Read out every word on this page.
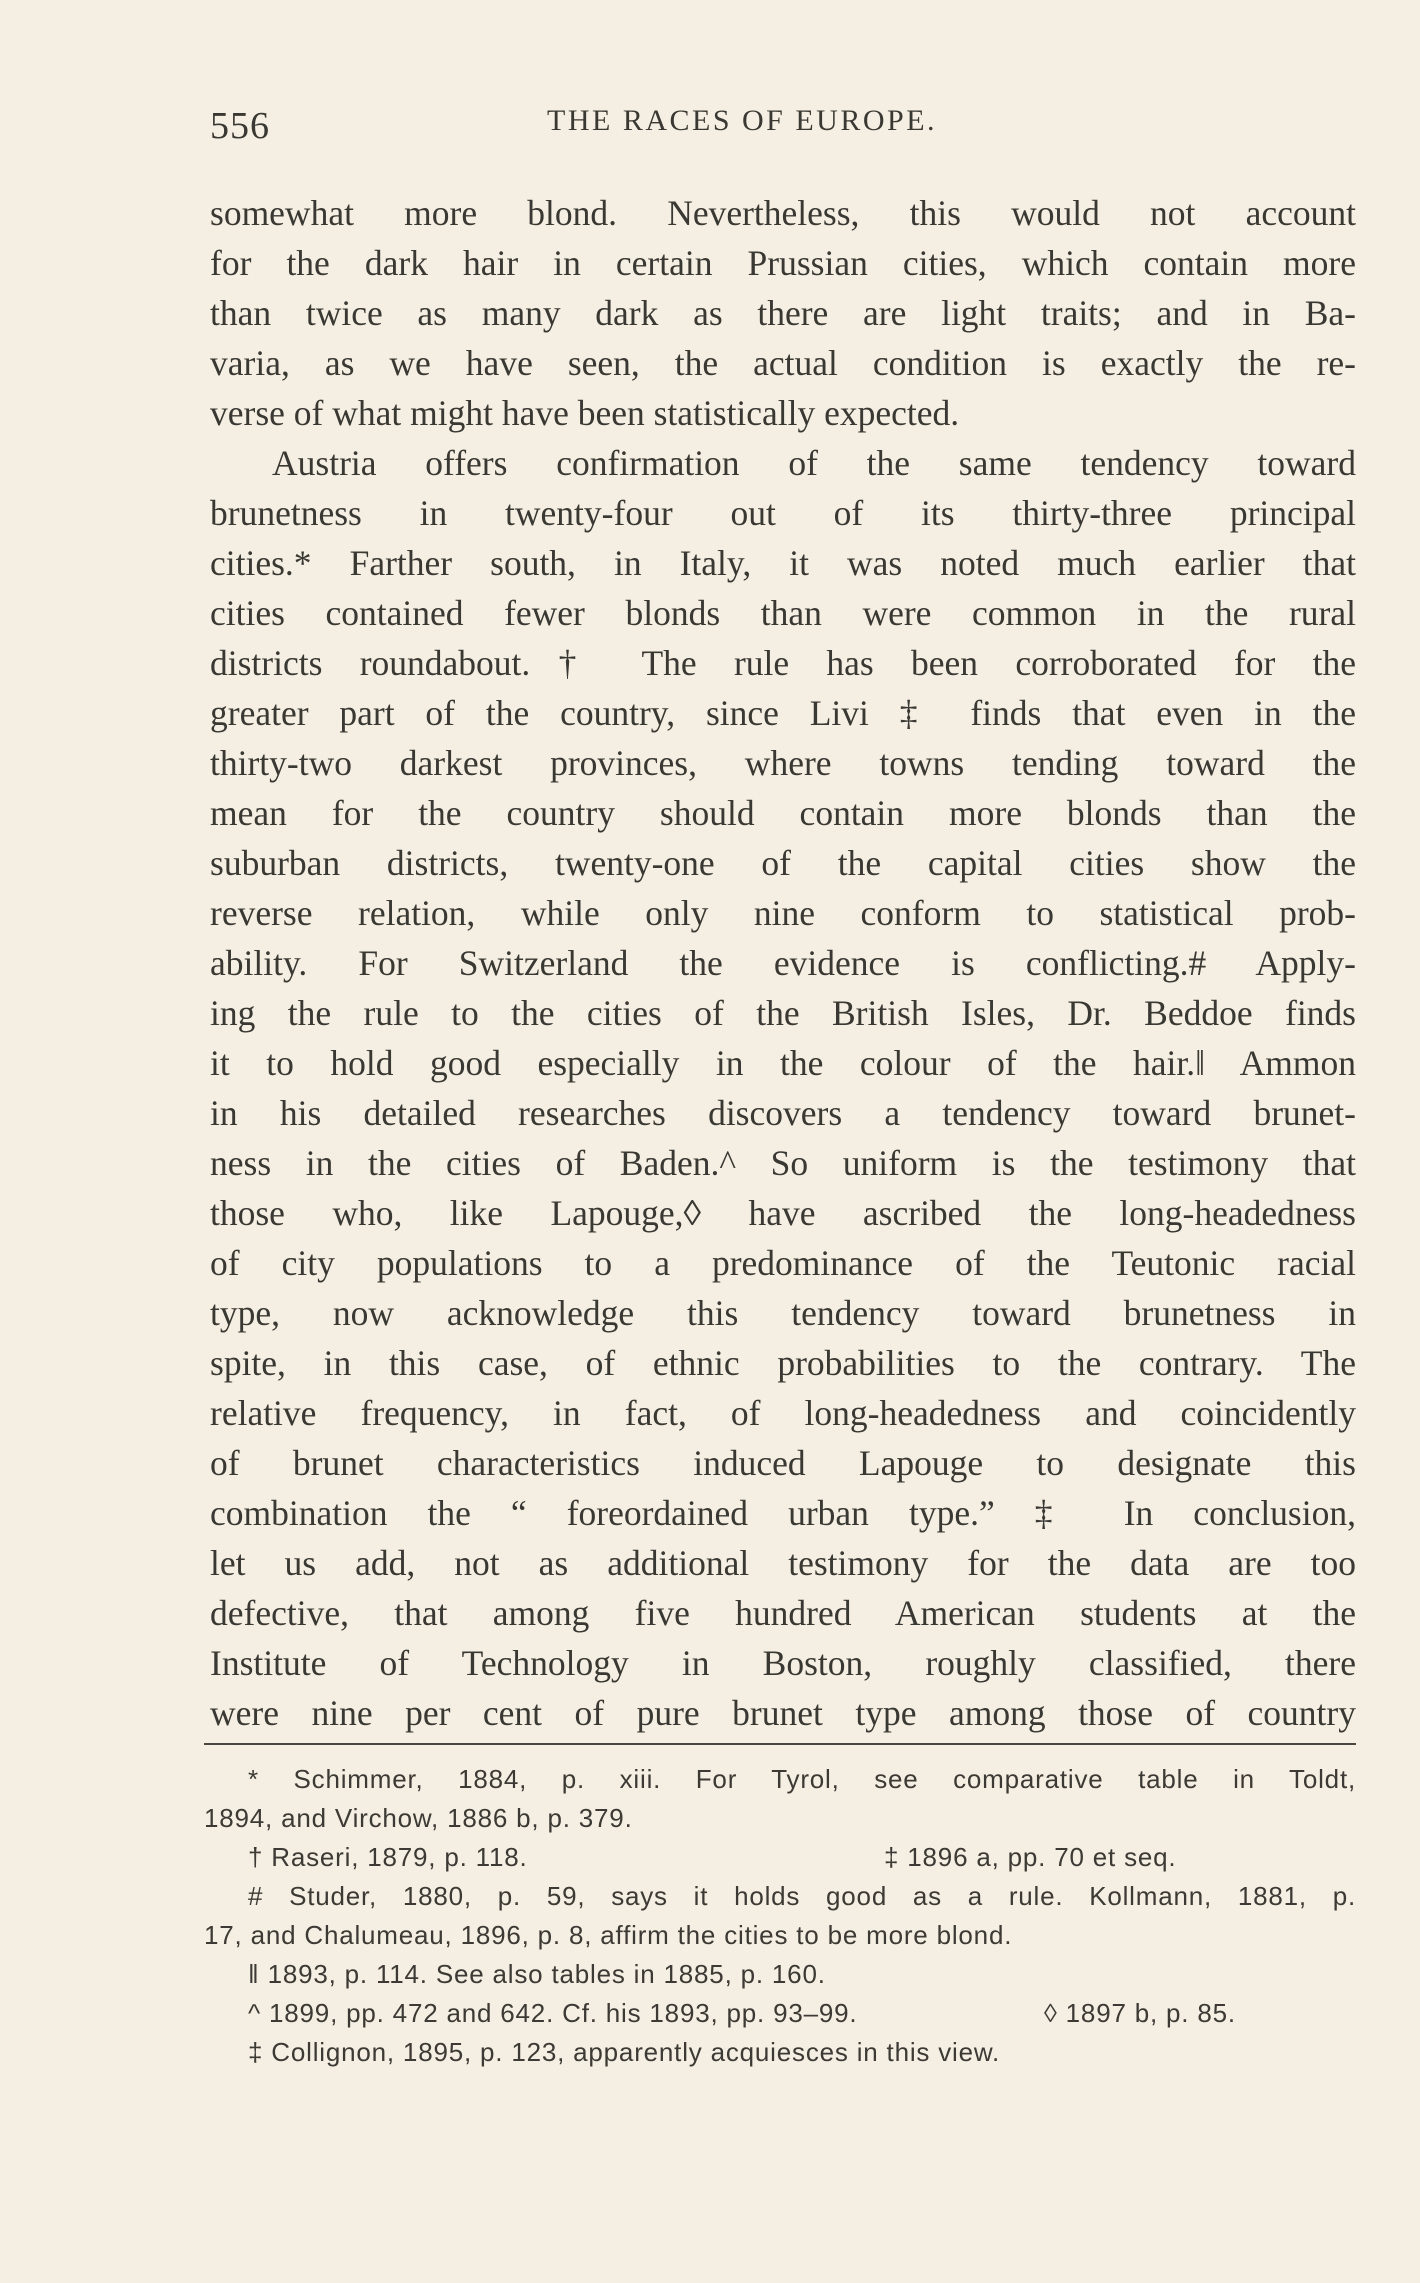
556	THE RACES OF EUROPE.
somewhat more blond. Nevertheless, this would not account
for the dark hair in certain Prussian cities, which contain more
than twice as many dark as there are light traits; and in Ba-
varia, as we have seen, the actual condition is exactly the re-
verse of what might have been statistically expected.
Austria offers confirmation of the same tendency toward
brunetness in twenty-four out of its thirty-three principal
cities.* Farther south, in Italy, it was noted much earlier that
cities contained fewer blonds than were common in the rural
districts roundabout.† The rule has been corroborated for the
greater part of the country, since Livi ‡ finds that even in the
thirty-two darkest provinces, where towns tending toward the
mean for the country should contain more blonds than the
suburban districts, twenty-one of the capital cities show the
reverse relation, while only nine conform to statistical prob-
ability. For Switzerland the evidence is conflicting.# Apply-
ing the rule to the cities of the British Isles, Dr. Beddoe finds
it to hold good especially in the colour of the hair.‖ Ammon
in his detailed researches discovers a tendency toward brunet-
ness in the cities of Baden.^ So uniform is the testimony that
those who, like Lapouge,◊ have ascribed the long-headedness
of city populations to a predominance of the Teutonic racial
type, now acknowledge this tendency toward brunetness in
spite, in this case, of ethnic probabilities to the contrary. The
relative frequency, in fact, of long-headedness and coincidently
of brunet characteristics induced Lapouge to designate this
combination the “ foreordained urban type.” ‡ In conclusion,
let us add, not as additional testimony for the data are too
defective, that among five hundred American students at the
Institute of Technology in Boston, roughly classified, there
were nine per cent of pure brunet type among those of country
* Schimmer, 1884, p. xiii. For Tyrol, see comparative table in Toldt,
1894, and Virchow, 1886 b, p. 379.
† Raseri, 1879, p. 118.	‡ 1896 a, pp. 70 et seq.
# Studer, 1880, p. 59, says it holds good as a rule. Kollmann, 1881, p.
17, and Chalumeau, 1896, p. 8, affirm the cities to be more blond.
‖ 1893, p. 114. See also tables in 1885, p. 160.
^ 1899, pp. 472 and 642. Cf. his 1893, pp. 93–99.	◊ 1897 b, p. 85.
‡ Collignon, 1895, p. 123, apparently acquiesces in this view.
